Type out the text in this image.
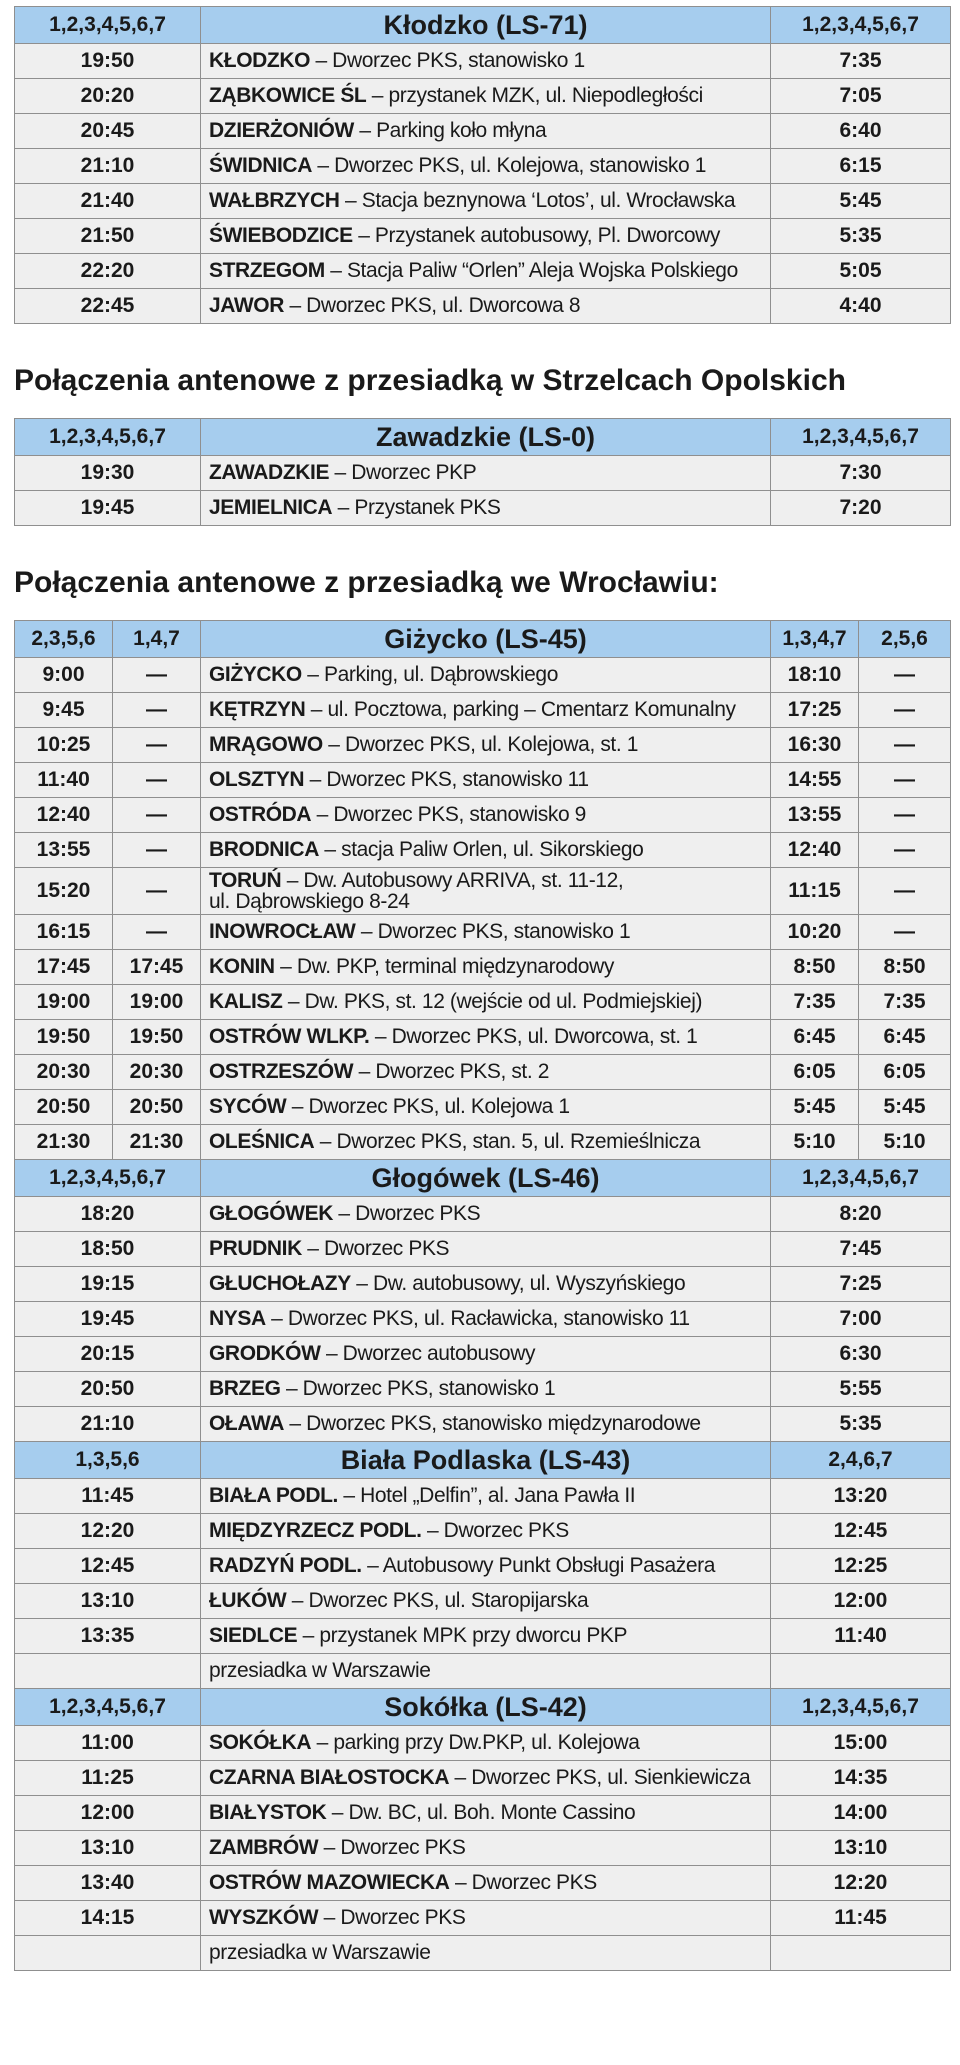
1,2,3,4,5,6,7	Kłodzko (LS-71)	1,2,3,4,5,6,7
19:50	KŁODZKO – Dworzec PKS, stanowisko 1	7:35
20:20	ZĄBKOWICE ŚL – przystanek MZK, ul. Niepodległości	7:05
20:45	DZIERŻONIÓW – Parking koło młyna	6:40
21:10	ŚWIDNICA – Dworzec PKS, ul. Kolejowa, stanowisko 1	6:15
21:40	WAŁBRZYCH – Stacja beznynowa ‘Lotos’, ul. Wrocławska	5:45
21:50	ŚWIEBODZICE – Przystanek autobusowy, Pl. Dworcowy	5:35
22:20	STRZEGOM – Stacja Paliw “Orlen” Aleja Wojska Polskiego	5:05
22:45	JAWOR – Dworzec PKS, ul. Dworcowa 8	4:40
Połączenia antenowe z przesiadką w Strzelcach Opolskich
1,2,3,4,5,6,7	Zawadzkie (LS-0)	1,2,3,4,5,6,7
19:30	ZAWADZKIE – Dworzec PKP	7:30
19:45	JEMIELNICA – Przystanek PKS	7:20
Połączenia antenowe z przesiadką we Wrocławiu:
2,3,5,6	1,4,7	Giżycko (LS-45)	1,3,4,7	2,5,6
9:00	—	GIŻYCKO – Parking, ul. Dąbrowskiego	18:10	—
9:45	—	KĘTRZYN – ul. Pocztowa, parking – Cmentarz Komunalny	17:25	—
10:25	—	MRĄGOWO – Dworzec PKS, ul. Kolejowa, st. 1	16:30	—
11:40	—	OLSZTYN – Dworzec PKS, stanowisko 11	14:55	—
12:40	—	OSTRÓDA – Dworzec PKS, stanowisko 9	13:55	—
13:55	—	BRODNICA – stacja Paliw Orlen, ul. Sikorskiego	12:40	—
15:20	—	TORUŃ – Dw. Autobusowy ARRIVA, st. 11-12,
ul. Dąbrowskiego 8-24	11:15	—
16:15	—	INOWROCŁAW – Dworzec PKS, stanowisko 1	10:20	—
17:45	17:45	KONIN – Dw. PKP, terminal międzynarodowy	8:50	8:50
19:00	19:00	KALISZ – Dw. PKS, st. 12 (wejście od ul. Podmiejskiej)	7:35	7:35
19:50	19:50	OSTRÓW WLKP. – Dworzec PKS, ul. Dworcowa, st. 1	6:45	6:45
20:30	20:30	OSTRZESZÓW – Dworzec PKS, st. 2	6:05	6:05
20:50	20:50	SYCÓW – Dworzec PKS, ul. Kolejowa 1	5:45	5:45
21:30	21:30	OLEŚNICA – Dworzec PKS, stan. 5, ul. Rzemieślnicza	5:10	5:10
1,2,3,4,5,6,7		Głogówek (LS-46)	1,2,3,4,5,6,7	
18:20		GŁOGÓWEK – Dworzec PKS	8:20	
18:50		PRUDNIK – Dworzec PKS	7:45	
19:15		GŁUCHOŁAZY – Dw. autobusowy, ul. Wyszyńskiego	7:25	
19:45		NYSA – Dworzec PKS, ul. Racławicka, stanowisko 11	7:00	
20:15		GRODKÓW – Dworzec autobusowy	6:30	
20:50		BRZEG – Dworzec PKS, stanowisko 1	5:55	
21:10		OŁAWA – Dworzec PKS, stanowisko międzynarodowe	5:35	
1,3,5,6		Biała Podlaska (LS-43)	2,4,6,7	
11:45		BIAŁA PODL. – Hotel „Delfin”, al. Jana Pawła II	13:20	
12:20		MIĘDZYRZECZ PODL. – Dworzec PKS	12:45	
12:45		RADZYŃ PODL. – Autobusowy Punkt Obsługi Pasażera	12:25	
13:10		ŁUKÓW – Dworzec PKS, ul. Staropijarska	12:00	
13:35		SIEDLCE – przystanek MPK przy dworcu PKP	11:40	
		przesiadka w Warszawie		
1,2,3,4,5,6,7		Sokółka (LS-42)	1,2,3,4,5,6,7	
11:00		SOKÓŁKA – parking przy Dw.PKP, ul. Kolejowa	15:00	
11:25		CZARNA BIAŁOSTOCKA – Dworzec PKS, ul. Sienkiewicza	14:35	
12:00		BIAŁYSTOK – Dw. BC, ul. Boh. Monte Cassino	14:00	
13:10		ZAMBRÓW – Dworzec PKS	13:10	
13:40		OSTRÓW MAZOWIECKA – Dworzec PKS	12:20	
14:15		WYSZKÓW – Dworzec PKS	11:45	
		przesiadka w Warszawie		
